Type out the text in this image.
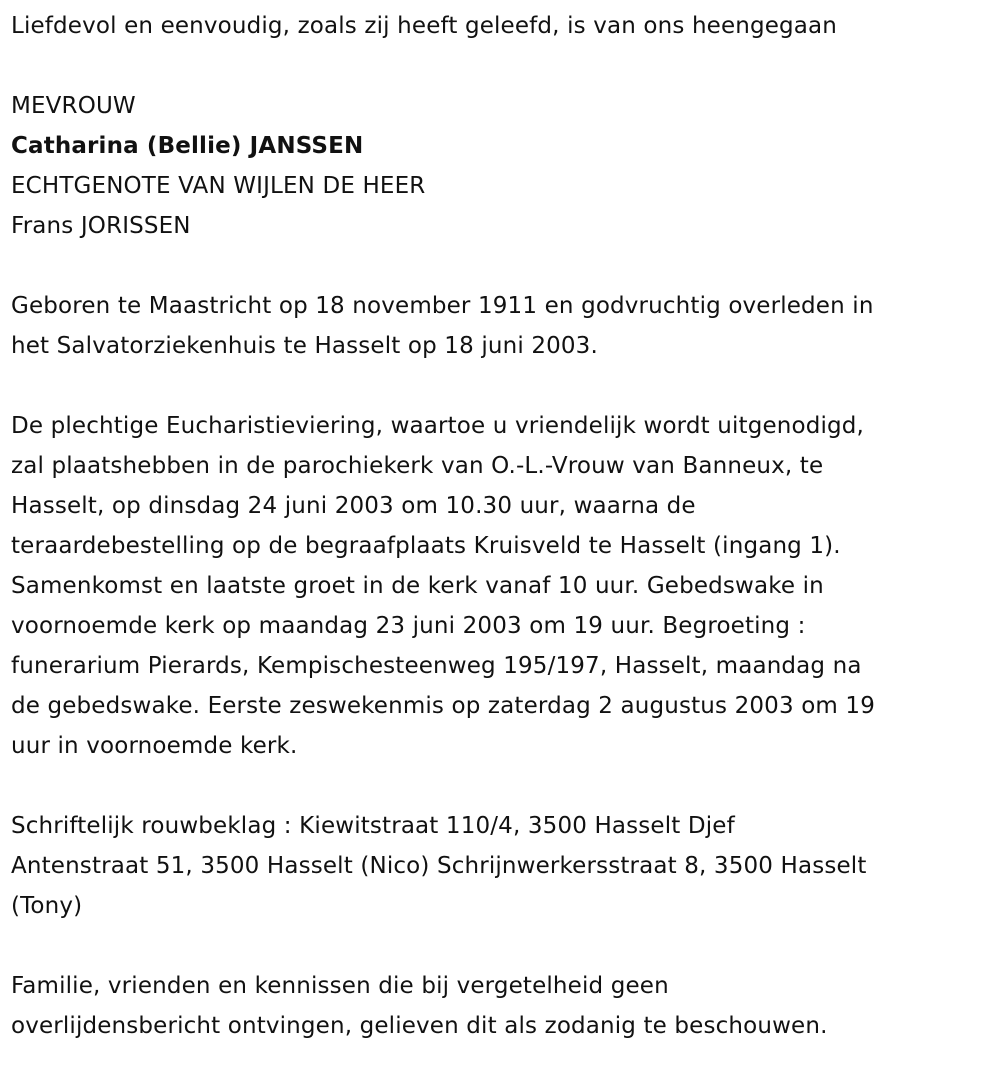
Liefdevol en eenvoudig, zoals zij heeft geleefd, is van ons heengegaan

MEVROUW

Catharina (Bellie) JANSSEN

ECHTGENOTE VAN WIJLEN DE HEER

Frans JORISSEN

Geboren te Maastricht op 18 november 1911 en godvruchtig overleden in

het Salvatorziekenhuis te Hasselt op 18 juni 2003.

De plechtige Eucharistieviering, waartoe u vriendelijk wordt uitgenodigd,

zal plaatshebben in de parochiekerk van O.-L.-Vrouw van Banneux, te

Hasselt, op dinsdag 24 juni 2003 om 10.30 uur, waarna de

teraardebestelling op de begraafplaats Kruisveld te Hasselt (ingang 1).

Samenkomst en laatste groet in de kerk vanaf 10 uur. Gebedswake in

voornoemde kerk op maandag 23 juni 2003 om 19 uur. Begroeting :

funerarium Pierards, Kempischesteenweg 195/197, Hasselt, maandag na

de gebedswake. Eerste zeswekenmis op zaterdag 2 augustus 2003 om 19

uur in voornoemde kerk.

Schriftelijk rouwbeklag : Kiewitstraat 110/4, 3500 Hasselt Djef

Antenstraat 51, 3500 Hasselt (Nico) Schrijnwerkersstraat 8, 3500 Hasselt

(Tony)

Familie, vrienden en kennissen die bij vergetelheid geen

overlijdensbericht ontvingen, gelieven dit als zodanig te beschouwen.
